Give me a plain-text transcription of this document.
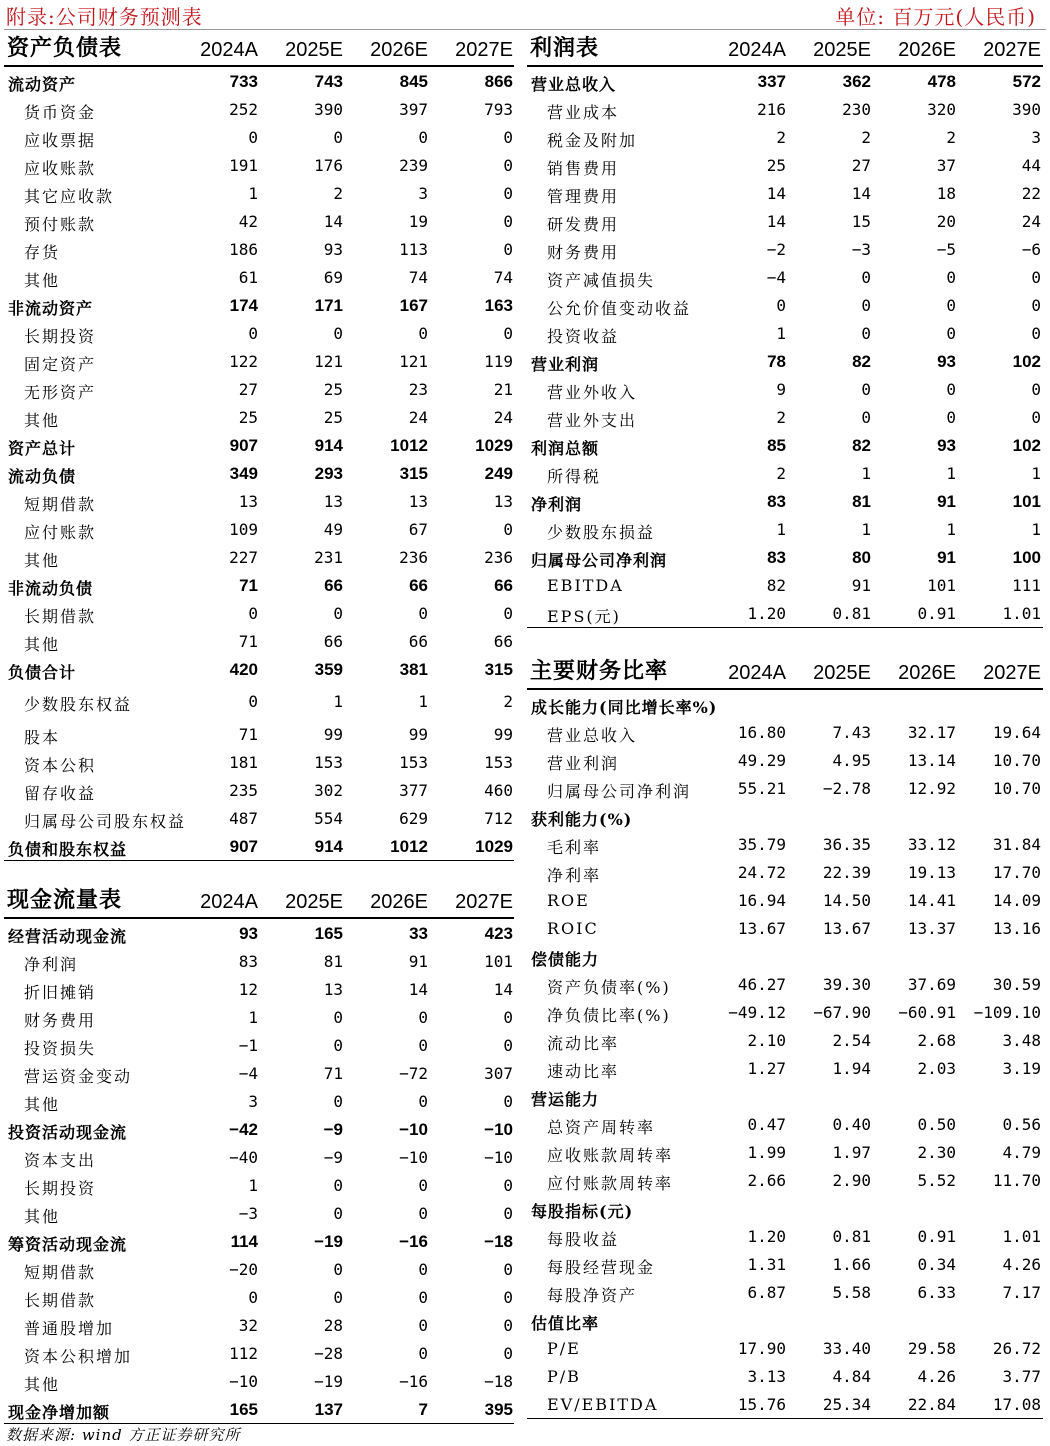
附录:公司财务预测表	单位: 百万元(人民币)
资产负债表	2024A	2025E	2026E	2027E
流动资产	733	743	845	866
货币资金	252	390	397	793
应收票据	0	0	0	0
应收账款	191	176	239	0
其它应收款	1	2	3	0
预付账款	42	14	19	0
存货	186	93	113	0
其他	61	69	74	74
非流动资产	174	171	167	163
长期投资	0	0	0	0
固定资产	122	121	121	119
无形资产	27	25	23	21
其他	25	25	24	24
资产总计	907	914	1012	1029
流动负债	349	293	315	249
短期借款	13	13	13	13
应付账款	109	49	67	0
其他	227	231	236	236
非流动负债	71	66	66	66
长期借款	0	0	0	0
其他	71	66	66	66
负债合计	420	359	381	315
少数股东权益	0	1	1	2
股本	71	99	99	99
资本公积	181	153	153	153
留存收益	235	302	377	460
归属母公司股东权益	487	554	629	712
负债和股东权益	907	914	1012	1029
现金流量表	2024A	2025E	2026E	2027E
经营活动现金流	93	165	33	423
净利润	83	81	91	101
折旧摊销	12	13	14	14
财务费用	1	0	0	0
投资损失	−1	0	0	0
营运资金变动	−4	71	−72	307
其他	3	0	0	0
投资活动现金流	−42	−9	−10	−10
资本支出	−40	−9	−10	−10
长期投资	1	0	0	0
其他	−3	0	0	0
筹资活动现金流	114	−19	−16	−18
短期借款	−20	0	0	0
长期借款	0	0	0	0
普通股增加	32	28	0	0
资本公积增加	112	−28	0	0
其他	−10	−19	−16	−18
现金净增加额	165	137	7	395
利润表	2024A	2025E	2026E	2027E
营业总收入	337	362	478	572
营业成本	216	230	320	390
税金及附加	2	2	2	3
销售费用	25	27	37	44
管理费用	14	14	18	22
研发费用	14	15	20	24
财务费用	−2	−3	−5	−6
资产减值损失	−4	0	0	0
公允价值变动收益	0	0	0	0
投资收益	1	0	0	0
营业利润	78	82	93	102
营业外收入	9	0	0	0
营业外支出	2	0	0	0
利润总额	85	82	93	102
所得税	2	1	1	1
净利润	83	81	91	101
少数股东损益	1	1	1	1
归属母公司净利润	83	80	91	100
EBITDA	82	91	101	111
EPS(元)	1.20	0.81	0.91	1.01
主要财务比率	2024A	2025E	2026E	2027E
成长能力(同比增长率%)
营业总收入	16.80	7.43	32.17	19.64
营业利润	49.29	4.95	13.14	10.70
归属母公司净利润	55.21	−2.78	12.92	10.70
获利能力(%)
毛利率	35.79	36.35	33.12	31.84
净利率	24.72	22.39	19.13	17.70
ROE	16.94	14.50	14.41	14.09
ROIC	13.67	13.67	13.37	13.16
偿债能力
资产负债率(%)	46.27	39.30	37.69	30.59
净负债比率(%)	−49.12	−67.90	−60.91	−109.10
流动比率	2.10	2.54	2.68	3.48
速动比率	1.27	1.94	2.03	3.19
营运能力
总资产周转率	0.47	0.40	0.50	0.56
应收账款周转率	1.99	1.97	2.30	4.79
应付账款周转率	2.66	2.90	5.52	11.70
每股指标(元)
每股收益	1.20	0.81	0.91	1.01
每股经营现金	1.31	1.66	0.34	4.26
每股净资产	6.87	5.58	6.33	7.17
估值比率
P/E	17.90	33.40	29.58	26.72
P/B	3.13	4.84	4.26	3.77
EV/EBITDA	15.76	25.34	22.84	17.08
数据来源: wind 方正证券研究所
